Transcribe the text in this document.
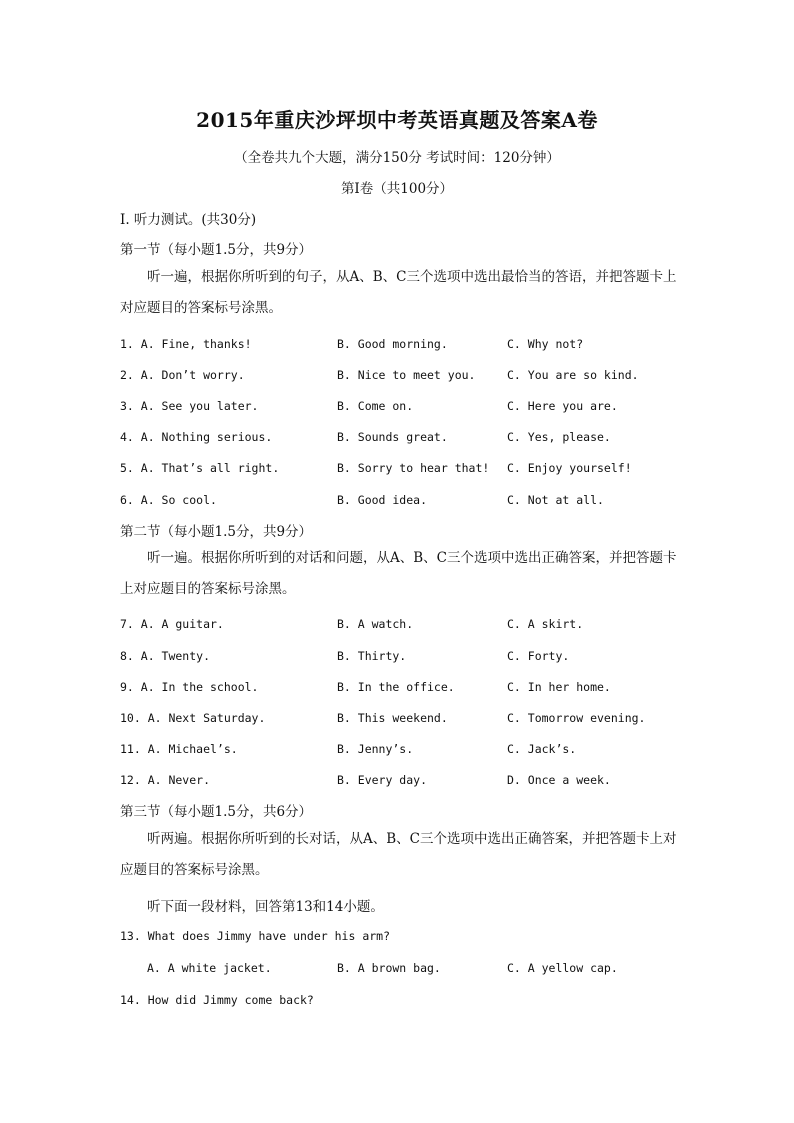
2015年重庆沙坪坝中考英语真题及答案A卷
（全卷共九个大题，满分150分 考试时间：120分钟）
第Ⅰ卷（共100分）
I. 听力测试。(共30分)
第一节（每小题1.5分，共9分）
听一遍，根据你所听到的句子，从A、B、C三个选项中选出最恰当的答语，并把答题卡上对应题目的答案标号涂黑。
1. A. Fine, thanks!	B. Good morning.	C. Why not?
2. A. Don’t worry.	B. Nice to meet you.	C. You are so kind.
3. A. See you later.	B. Come on.	C. Here you are.
4. A. Nothing serious.	B. Sounds great.	C. Yes, please.
5. A. That’s all right.	B. Sorry to hear that! C. Enjoy yourself!
6. A. So cool.	B. Good idea.	C. Not at all.
第二节（每小题1.5分，共9分）
听一遍。根据你所听到的对话和问题，从A、B、C三个选项中选出正确答案，并把答题卡上对应题目的答案标号涂黑。
7. A. A guitar.	B. A watch.	C. A skirt.
8. A. Twenty.	B. Thirty.	C. Forty.
9. A. In the school.	B. In the office.	C. In her home.
10. A. Next Saturday.	B. This weekend.	C. Tomorrow evening.
11. A. Michael’s.	B. Jenny’s.	C. Jack’s.
12. A. Never.	B. Every day.	D. Once a week.
第三节（每小题1.5分，共6分）
听两遍。根据你所听到的长对话，从A、B、C三个选项中选出正确答案，并把答题卡上对应题目的答案标号涂黑。
听下面一段材料，回答第13和14小题。
13. What does Jimmy have under his arm?
A. A white jacket.	B. A brown bag.	C. A yellow cap.
14. How did Jimmy come back?
